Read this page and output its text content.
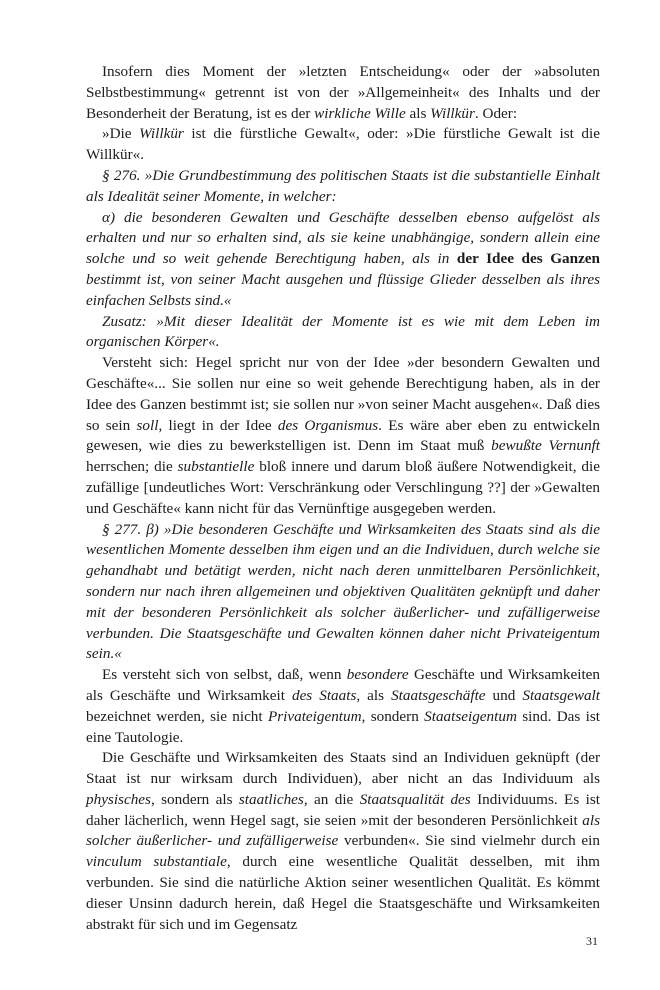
Insofern dies Moment der »letzten Entscheidung« oder der »absoluten Selbstbestimmung« getrennt ist von der »Allgemeinheit« des Inhalts und der Besonderheit der Beratung, ist es der wirkliche Wille als Willkür. Oder:

»Die Willkür ist die fürstliche Gewalt«, oder: »Die fürstliche Gewalt ist die Willkür«.

§ 276. »Die Grundbestimmung des politischen Staats ist die substantielle Einhalt als Idealität seiner Momente, in welcher:

α) die besonderen Gewalten und Geschäfte desselben ebenso aufgelöst als erhalten und nur so erhalten sind, als sie keine unabhängige, sondern allein eine solche und so weit gehende Berechtigung haben, als in der Idee des Ganzen bestimmt ist, von seiner Macht ausgehen und flüssige Glieder desselben als ihres einfachen Selbsts sind.«

Zusatz: »Mit dieser Idealität der Momente ist es wie mit dem Leben im organischen Körper«.

Versteht sich: Hegel spricht nur von der Idee »der besondern Gewalten und Geschäfte«... Sie sollen nur eine so weit gehende Berechtigung haben, als in der Idee des Ganzen bestimmt ist; sie sollen nur »von seiner Macht ausgehen«. Daß dies so sein soll, liegt in der Idee des Organismus. Es wäre aber eben zu entwickeln gewesen, wie dies zu bewerkstelligen ist. Denn im Staat muß bewußte Vernunft herrschen; die substantielle bloß innere und darum bloß äußere Notwendigkeit, die zufällige [undeutliches Wort: Verschränkung oder Verschlingung ??] der »Gewalten und Geschäfte« kann nicht für das Vernünftige ausgegeben werden.

§ 277. β) »Die besonderen Geschäfte und Wirksamkeiten des Staats sind als die wesentlichen Momente desselben ihm eigen und an die Individuen, durch welche sie gehandhabt und betätigt werden, nicht nach deren unmittelbaren Persönlichkeit, sondern nur nach ihren allgemeinen und objektiven Qualitäten geknüpft und daher mit der besonderen Persönlichkeit als solcher äußerlicher- und zufälligerweise verbunden. Die Staatsgeschäfte und Gewalten können daher nicht Privateigentum sein.«

Es versteht sich von selbst, daß, wenn besondere Geschäfte und Wirksamkeiten als Geschäfte und Wirksamkeit des Staats, als Staatsgeschäfte und Staatsgewalt bezeichnet werden, sie nicht Privateigentum, sondern Staatseigentum sind. Das ist eine Tautologie.

Die Geschäfte und Wirksamkeiten des Staats sind an Individuen geknüpft (der Staat ist nur wirksam durch Individuen), aber nicht an das Individuum als physisches, sondern als staatliches, an die Staatsqualität des Individuums. Es ist daher lächerlich, wenn Hegel sagt, sie seien »mit der besonderen Persönlichkeit als solcher äußerlicher- und zufälligerweise verbunden«. Sie sind vielmehr durch ein vinculum substantiale, durch eine wesentliche Qualität desselben, mit ihm verbunden. Sie sind die natürliche Aktion seiner wesentlichen Qualität. Es kömmt dieser Unsinn dadurch herein, daß Hegel die Staatsgeschäfte und Wirksamkeiten abstrakt für sich und im Gegensatz

31
